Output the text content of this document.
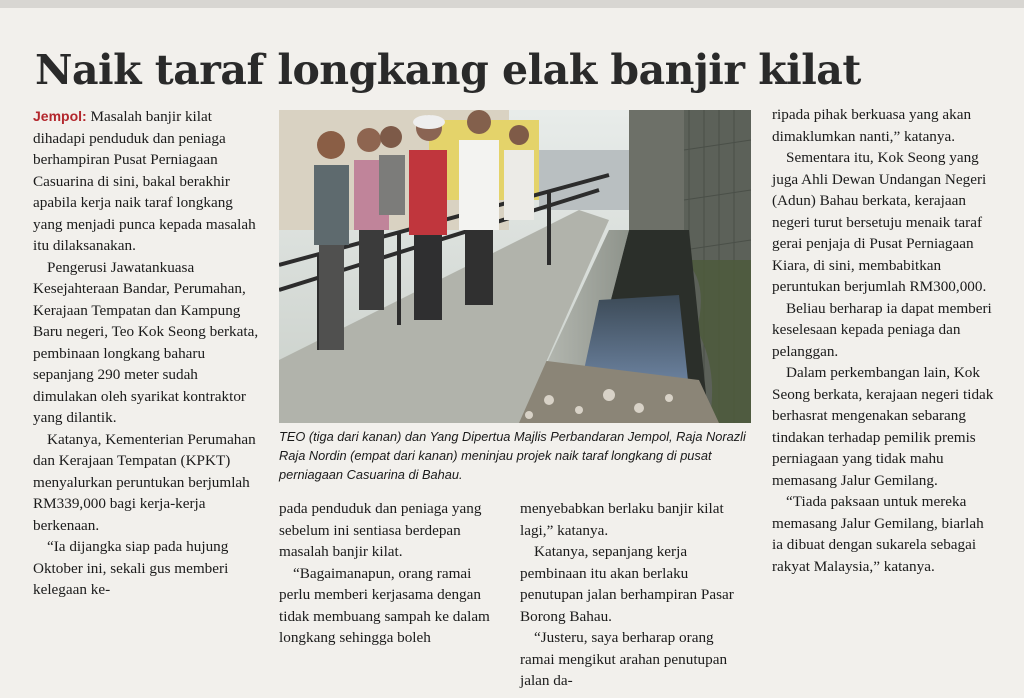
Naik taraf longkang elak banjir kilat

Jempol: Masalah banjir kilat dihadapi penduduk dan peniaga berhampiran Pusat Perniagaan Casuarina di sini, bakal berakhir apabila kerja naik taraf longkang yang menjadi punca kepada masalah itu dilaksanakan.

Pengerusi Jawatankuasa Kesejahteraan Bandar, Perumahan, Kerajaan Tempatan dan Kampung Baru negeri, Teo Kok Seong berkata, pembinaan longkang baharu sepanjang 290 meter sudah dimulakan oleh syarikat kontraktor yang dilantik.

Katanya, Kementerian Perumahan dan Kerajaan Tempatan (KPKT) menyalurkan peruntukan berjumlah RM339,000 bagi kerja-kerja berkenaan.

“Ia dijangka siap pada hujung Oktober ini, sekali gus memberi kelegaan ke-

TEO (tiga dari kanan) dan Yang Dipertua Majlis Perbandaran Jempol, Raja Norazli Raja Nordin (empat dari kanan) meninjau projek naik taraf longkang di pusat perniagaan Casuarina di Bahau.

pada penduduk dan peniaga yang sebelum ini sentiasa berdepan masalah banjir kilat.

“Bagaimanapun, orang ramai perlu memberi kerjasama dengan tidak membuang sampah ke dalam longkang sehingga boleh

menyebabkan berlaku banjir kilat lagi,” katanya.

Katanya, sepanjang kerja pembinaan itu akan berlaku penutupan jalan berhampiran Pasar Borong Bahau.

“Justeru, saya berharap orang ramai mengikut arahan penutupan jalan da-

ripada pihak berkuasa yang akan dimaklumkan nanti,” katanya.

Sementara itu, Kok Seong yang juga Ahli Dewan Undangan Negeri (Adun) Bahau berkata, kerajaan negeri turut bersetuju menaik taraf gerai penjaja di Pusat Perniagaan Kiara, di sini, membabitkan peruntukan berjumlah RM300,000.

Beliau berharap ia dapat memberi keselesaan kepada peniaga dan pelanggan.

Dalam perkembangan lain, Kok Seong berkata, kerajaan negeri tidak berhasrat mengenakan sebarang tindakan terhadap pemilik premis perniagaan yang tidak mahu memasang Jalur Gemilang.

“Tiada paksaan untuk mereka memasang Jalur Gemilang, biarlah ia dibuat dengan sukarela sebagai rakyat Malaysia,” katanya.
